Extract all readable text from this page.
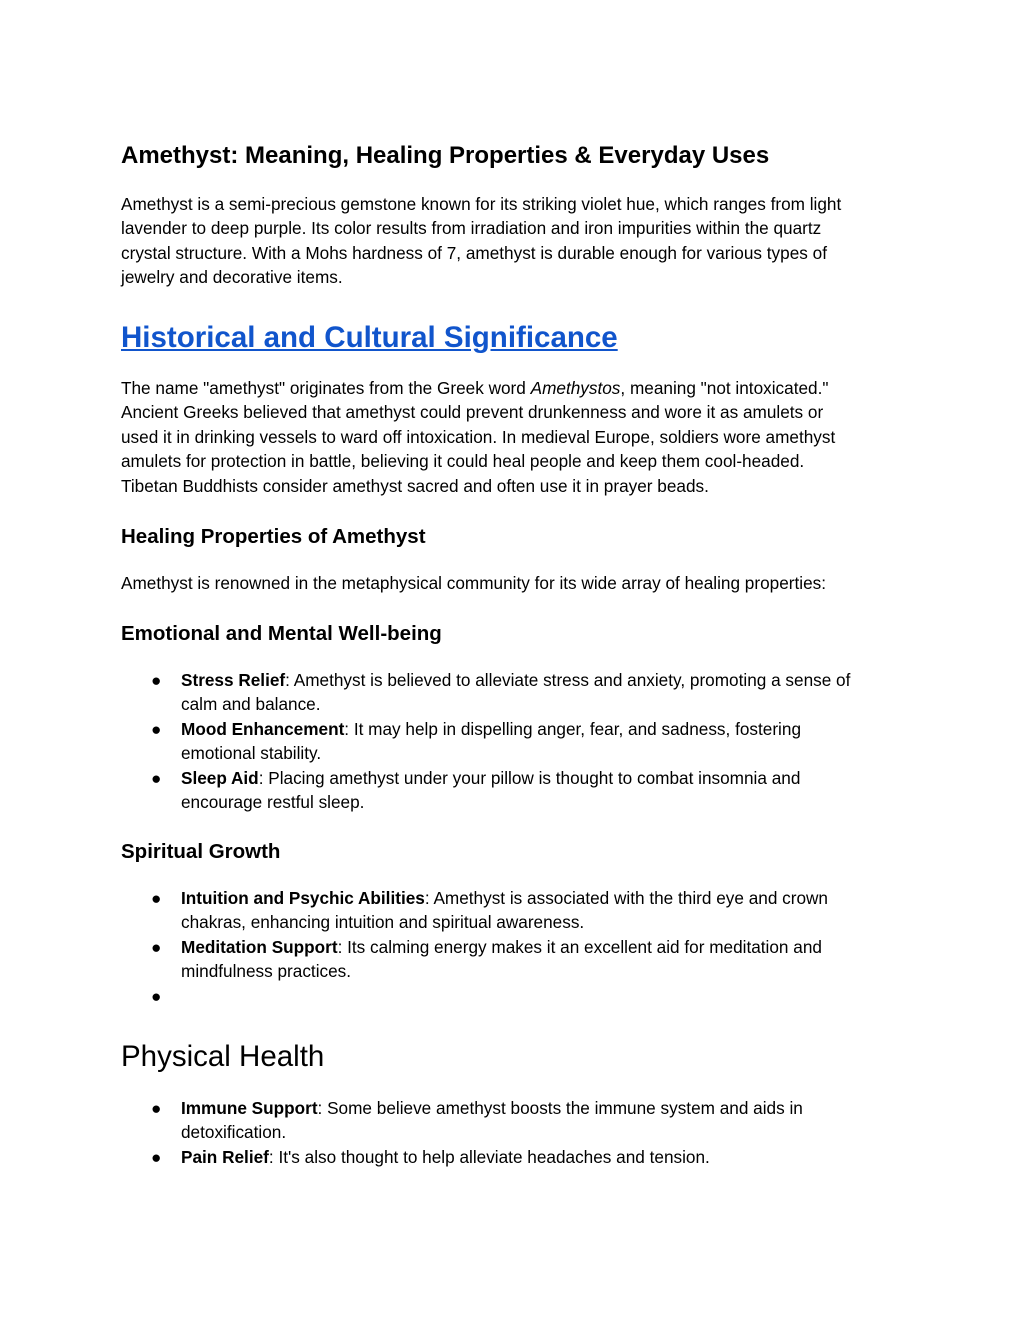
Amethyst: Meaning, Healing Properties & Everyday Uses

Amethyst is a semi-precious gemstone known for its striking violet hue, which ranges from light
lavender to deep purple. Its color results from irradiation and iron impurities within the quartz
crystal structure. With a Mohs hardness of 7, amethyst is durable enough for various types of
jewelry and decorative items.

Historical and Cultural Significance

The name "amethyst" originates from the Greek word Amethystos, meaning "not intoxicated."
Ancient Greeks believed that amethyst could prevent drunkenness and wore it as amulets or
used it in drinking vessels to ward off intoxication. In medieval Europe, soldiers wore amethyst
amulets for protection in battle, believing it could heal people and keep them cool-headed.
Tibetan Buddhists consider amethyst sacred and often use it in prayer beads.

Healing Properties of Amethyst

Amethyst is renowned in the metaphysical community for its wide array of healing properties:

Emotional and Mental Well-being
● Stress Relief: Amethyst is believed to alleviate stress and anxiety, promoting a sense of
calm and balance.
● Mood Enhancement: It may help in dispelling anger, fear, and sadness, fostering
emotional stability.
● Sleep Aid: Placing amethyst under your pillow is thought to combat insomnia and
encourage restful sleep.
Spiritual Growth
● Intuition and Psychic Abilities: Amethyst is associated with the third eye and crown
chakras, enhancing intuition and spiritual awareness.
● Meditation Support: Its calming energy makes it an excellent aid for meditation and
mindfulness practices.
●
Physical Health
● Immune Support: Some believe amethyst boosts the immune system and aids in
detoxification.
● Pain Relief: It's also thought to help alleviate headaches and tension.
